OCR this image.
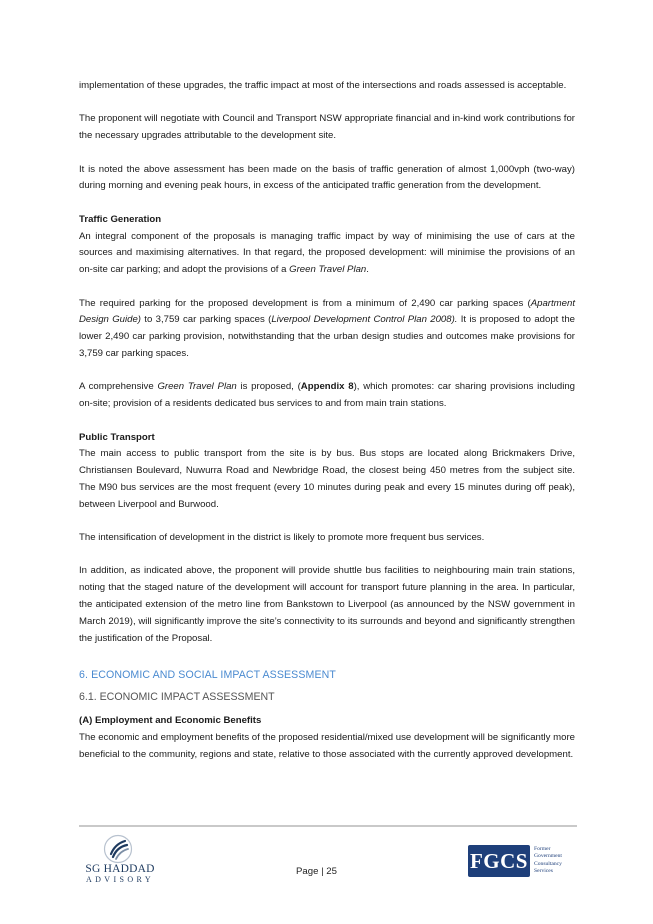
implementation of these upgrades, the traffic impact at most of the intersections and roads assessed is acceptable.

The proponent will negotiate with Council and Transport NSW appropriate financial and in-kind work contributions for the necessary upgrades attributable to the development site.

It is noted the above assessment has been made on the basis of traffic generation of almost 1,000vph (two-way) during morning and evening peak hours, in excess of the anticipated traffic generation from the development.

Traffic Generation

An integral component of the proposals is managing traffic impact by way of minimising the use of cars at the sources and maximising alternatives. In that regard, the proposed development: will minimise the provisions of an on-site car parking; and adopt the provisions of a Green Travel Plan.

The required parking for the proposed development is from a minimum of 2,490 car parking spaces (Apartment Design Guide) to 3,759 car parking spaces (Liverpool Development Control Plan 2008). It is proposed to adopt the lower 2,490 car parking provision, notwithstanding that the urban design studies and outcomes make provisions for 3,759 car parking spaces.

A comprehensive Green Travel Plan is proposed, (Appendix 8), which promotes: car sharing provisions including on-site; provision of a residents dedicated bus services to and from main train stations.

Public Transport

The main access to public transport from the site is by bus. Bus stops are located along Brickmakers Drive, Christiansen Boulevard, Nuwurra Road and Newbridge Road, the closest being 450 metres from the subject site. The M90 bus services are the most frequent (every 10 minutes during peak and every 15 minutes during off peak), between Liverpool and Burwood.

The intensification of development in the district is likely to promote more frequent bus services.

In addition, as indicated above, the proponent will provide shuttle bus facilities to neighbouring main train stations, noting that the staged nature of the development will account for transport future planning in the area. In particular, the anticipated extension of the metro line from Bankstown to Liverpool (as announced by the NSW government in March 2019), will significantly improve the site’s connectivity to its surrounds and beyond and significantly strengthen the justification of the Proposal.

6. ECONOMIC AND SOCIAL IMPACT ASSESSMENT
6.1. ECONOMIC IMPACT ASSESSMENT
(A) Employment and Economic Benefits

The economic and employment benefits of the proposed residential/mixed use development will be significantly more beneficial to the community, regions and state, relative to those associated with the currently approved development.

SG HADDAD
ADVISORY
Page | 25	FGCS	Former
Government
Consultancy
Services
